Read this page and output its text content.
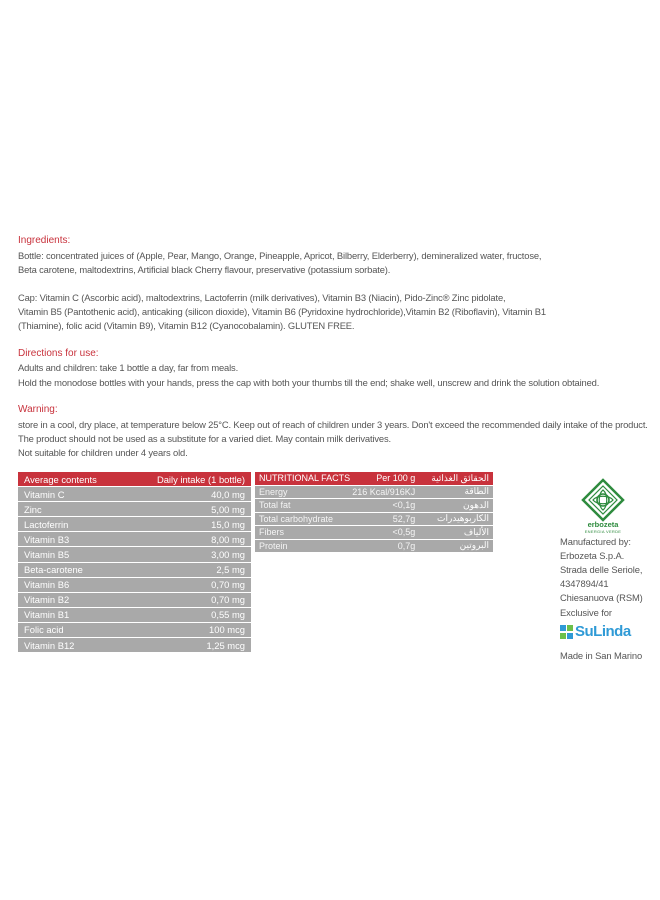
Ingredients:
Bottle: concentrated juices of (Apple, Pear, Mango, Orange, Pineapple, Apricot, Bilberry, Elderberry), demineralized water, fructose,
Beta carotene, maltodextrins, Artificial black Cherry flavour, preservative (potassium sorbate).
Cap: Vitamin C (Ascorbic acid), maltodextrins, Lactoferrin (milk derivatives), Vitamin B3 (Niacin), Pido-Zinc® Zinc pidolate,
Vitamin B5 (Pantothenic acid), anticaking (silicon dioxide), Vitamin B6 (Pyridoxine hydrochloride),Vitamin B2 (Riboflavin), Vitamin B1
(Thiamine), folic acid (Vitamin B9), Vitamin B12 (Cyanocobalamin). GLUTEN FREE.
Directions for use:
Adults and children: take 1 bottle a day, far from meals.
Hold the monodose bottles with your hands, press the cap with both your thumbs till the end; shake well, unscrew and drink the solution obtained.
Warning:
store in a cool, dry place, at temperature below 25°C. Keep out of reach of children under 3 years. Don't exceed the recommended daily intake of the product.
The product should not be used as a substitute for a varied diet. May contain milk derivatives.
Not suitable for children under 4 years old.
Average contents	Daily intake (1 bottle)
Vitamin C	40,0 mg
Zinc	5,00 mg
Lactoferrin	15,0 mg
Vitamin B3	8,00 mg
Vitamin B5	3,00 mg
Beta-carotene	2,5 mg
Vitamin B6	0,70 mg
Vitamin B2	0,70 mg
Vitamin B1	0,55 mg
Folic acid	100 mcg
Vitamin B12	1,25 mcg
NUTRITIONAL FACTS	Per 100 g	الحقائق الغذائية
Energy	216 Kcal/916KJ	الطاقة
Total fat	<0,1g	الدهون
Total carbohydrate	52,7g	الكاربوهيدرات
Fibers	<0,5g	الألياف
Protein	0,7g	البروتين
erbozeta
ENERGIA VERDE
Manufactured by:
Erbozeta S.p.A.
Strada delle Seriole,
4347894/41
Chiesanuova (RSM)
Exclusive for
SuLinda
Made in San Marino
